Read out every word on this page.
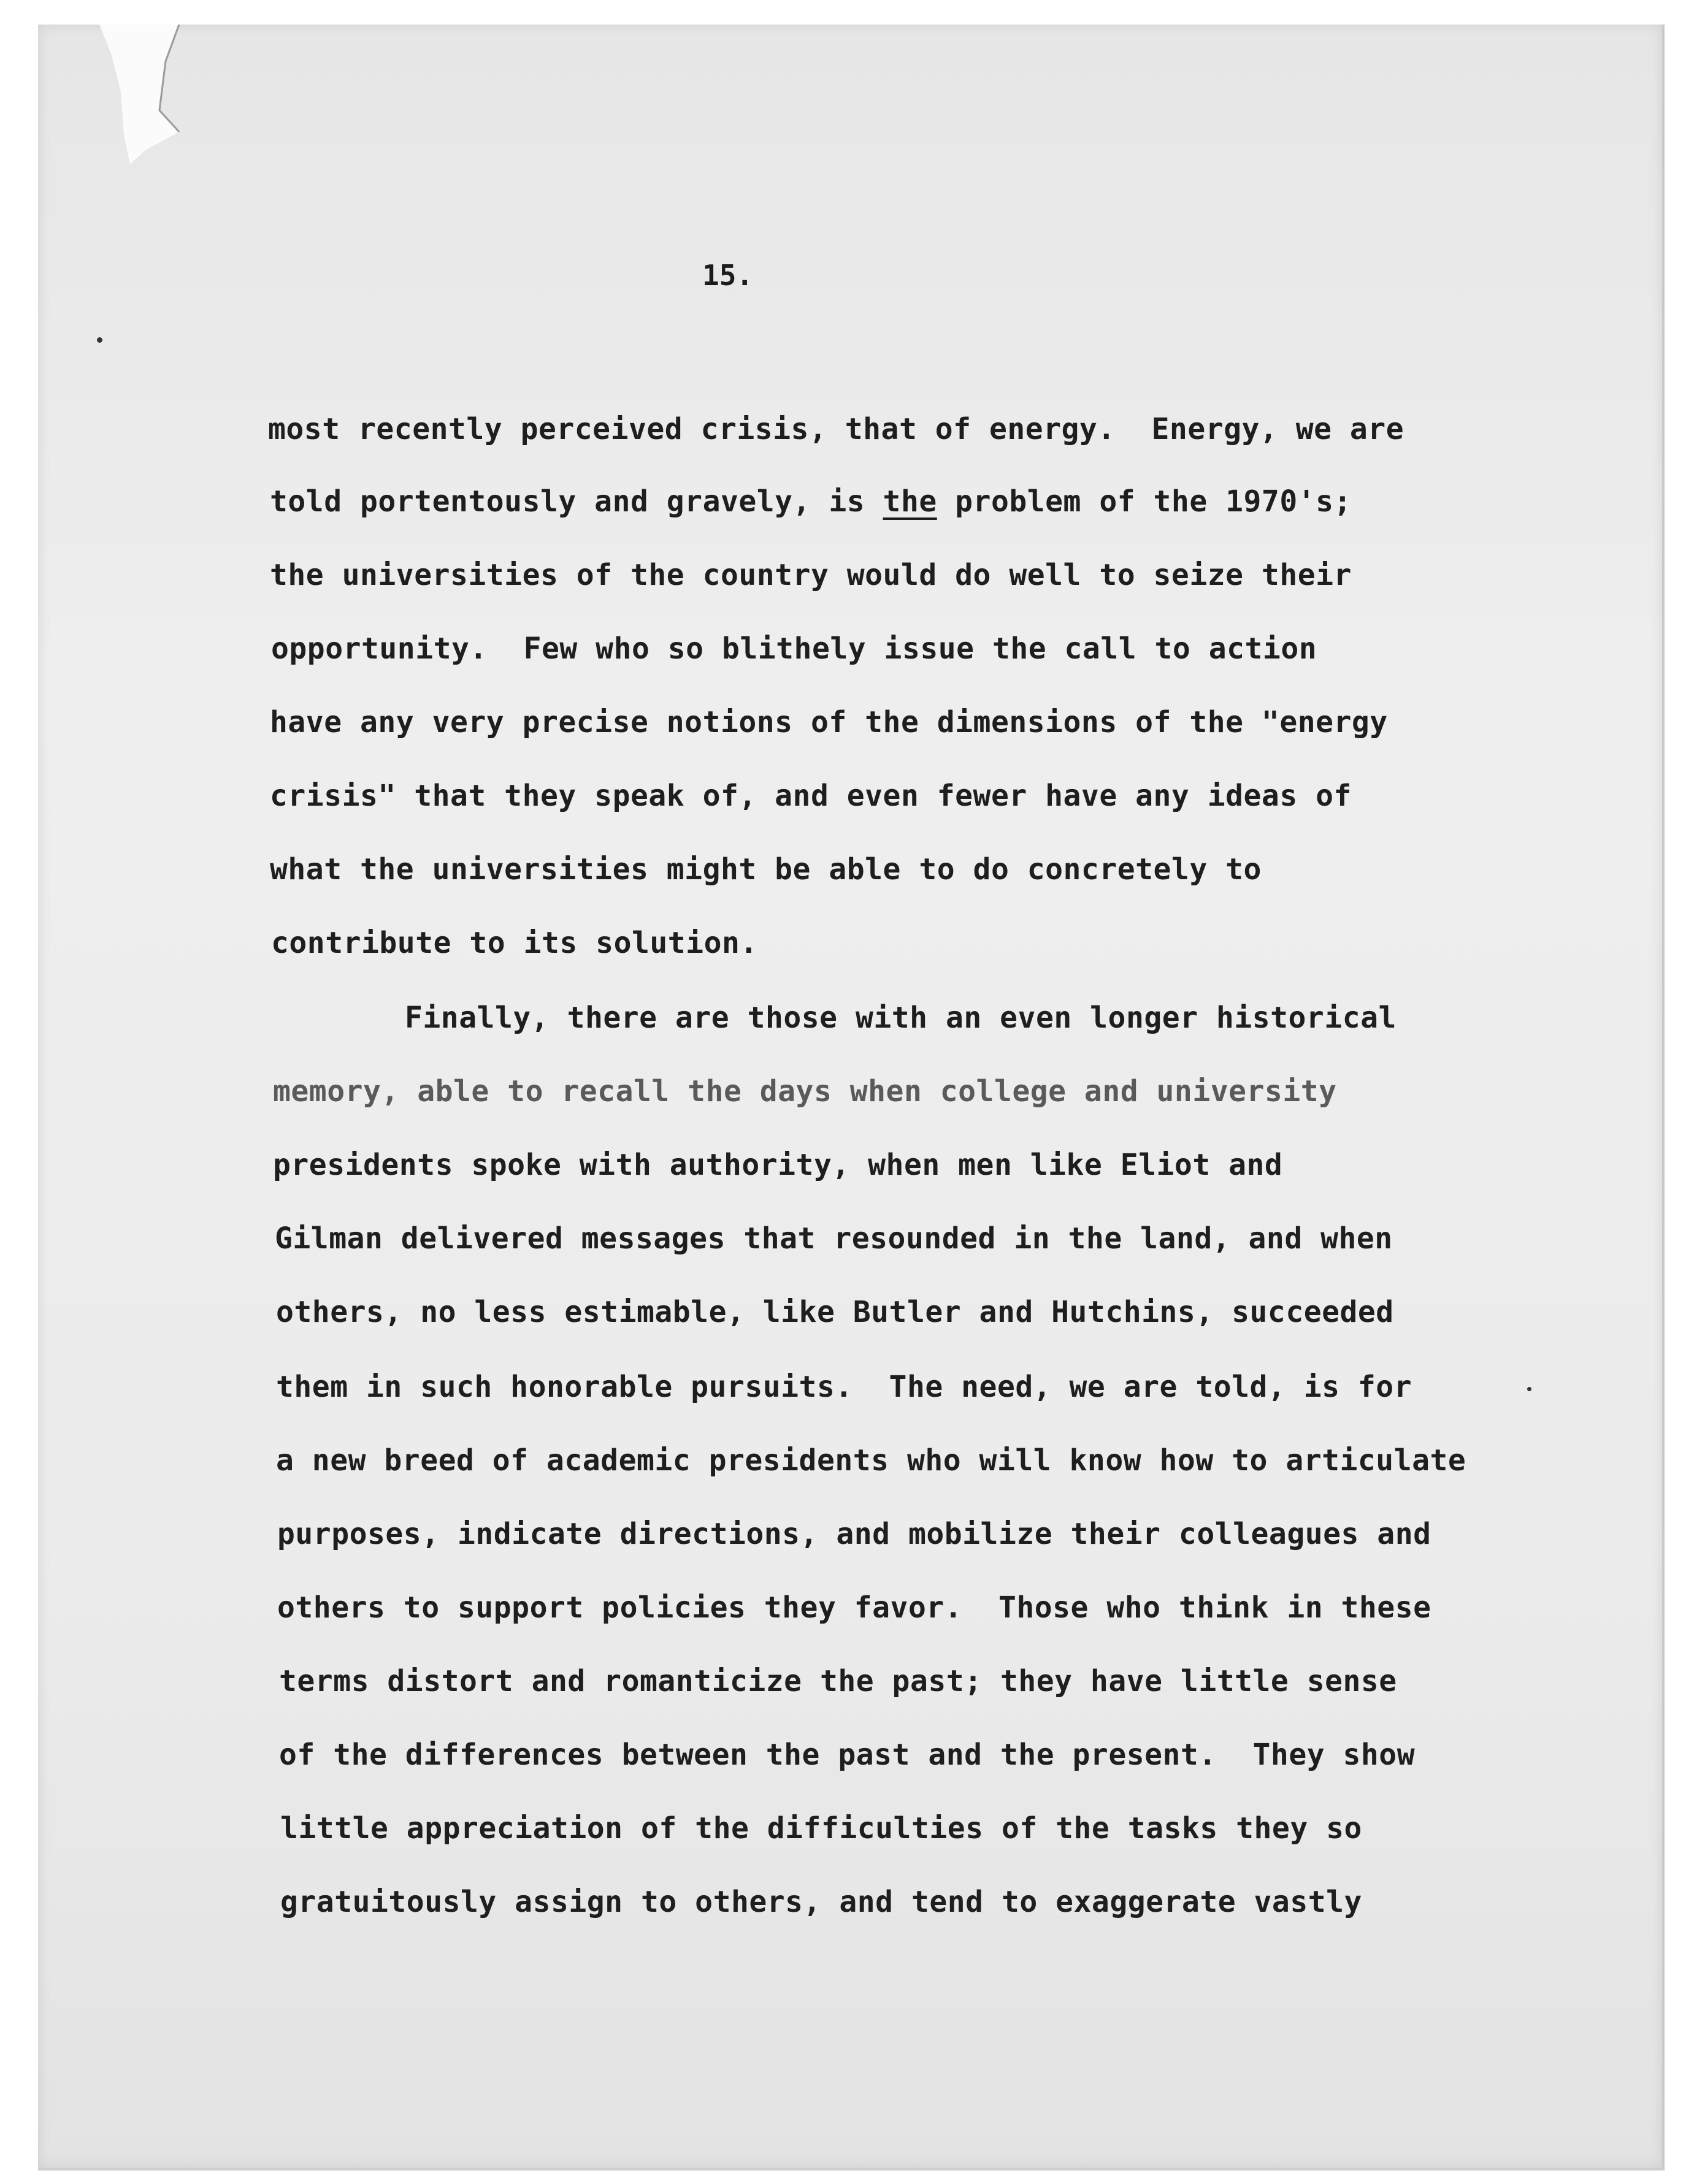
15.

most recently perceived crisis, that of energy.  Energy, we are

told portentously and gravely, is the problem of the 1970's;

the universities of the country would do well to seize their

opportunity.  Few who so blithely issue the call to action

have any very precise notions of the dimensions of the "energy

crisis" that they speak of, and even fewer have any ideas of

what the universities might be able to do concretely to

contribute to its solution.

Finally, there are those with an even longer historical

memory, able to recall the days when college and university

presidents spoke with authority, when men like Eliot and

Gilman delivered messages that resounded in the land, and when

others, no less estimable, like Butler and Hutchins, succeeded

them in such honorable pursuits.  The need, we are told, is for

a new breed of academic presidents who will know how to articulate

purposes, indicate directions, and mobilize their colleagues and

others to support policies they favor.  Those who think in these

terms distort and romanticize the past; they have little sense

of the differences between the past and the present.  They show

little appreciation of the difficulties of the tasks they so

gratuitously assign to others, and tend to exaggerate vastly
